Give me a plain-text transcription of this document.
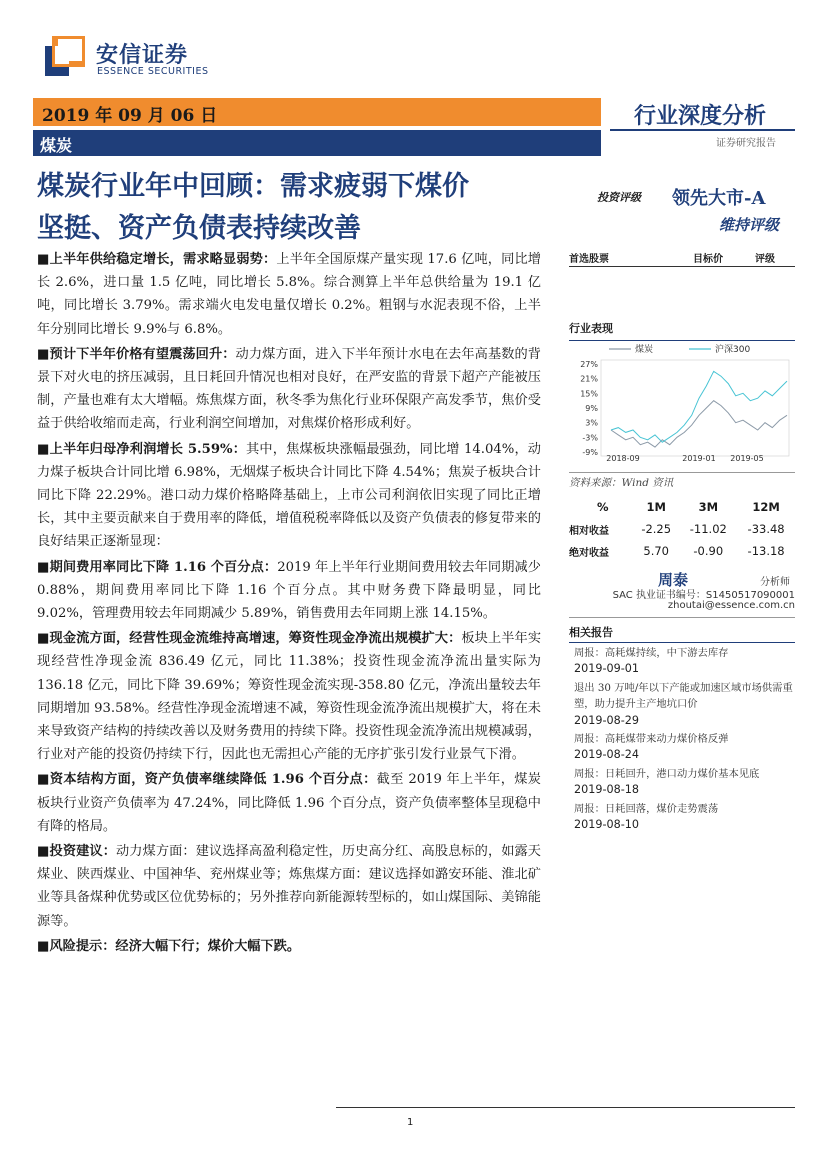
安信证券
ESSENCE SECURITIES
2019 年 09 月 06 日
煤炭
行业深度分析
证券研究报告
煤炭行业年中回顾：需求疲弱下煤价
坚挺、资产负债表持续改善

■上半年供给稳定增长，需求略显弱势：上半年全国原煤产量实现 17.6 亿吨，同比增长 2.6%，进口量 1.5 亿吨，同比增长 5.8%。综合测算上半年总供给量为 19.1 亿吨，同比增长 3.79%。需求端火电发电量仅增长 0.2%。粗钢与水泥表现不俗，上半年分别同比增长 9.9%与 6.8%。

■预计下半年价格有望震荡回升：动力煤方面，进入下半年预计水电在去年高基数的背景下对火电的挤压减弱，且日耗回升情况也相对良好，在严安监的背景下超产产能被压制，产量也难有太大增幅。炼焦煤方面，秋冬季为焦化行业环保限产高发季节，焦价受益于供给收缩而走高，行业利润空间增加，对焦煤价格形成利好。

■上半年归母净利润增长 5.59%：其中，焦煤板块涨幅最强劲，同比增 14.04%，动力煤子板块合计同比增 6.98%，无烟煤子板块合计同比下降 4.54%；焦炭子板块合计同比下降 22.29%。港口动力煤价格略降基础上，上市公司利润依旧实现了同比正增长，其中主要贡献来自于费用率的降低，增值税税率降低以及资产负债表的修复带来的良好结果正逐渐显现：

■期间费用率同比下降 1.16 个百分点：2019 年上半年行业期间费用较去年同期减少 0.88%，期间费用率同比下降 1.16 个百分点。其中财务费下降最明显，同比 9.02%，管理费用较去年同期减少 5.89%，销售费用去年同期上涨 14.15%。

■现金流方面，经营性现金流维持高增速，筹资性现金净流出规模扩大：板块上半年实现经营性净现金流 836.49 亿元，同比 11.38%；投资性现金流净流出量实际为 136.18 亿元，同比下降 39.69%；筹资性现金流实现-358.80 亿元，净流出量较去年同期增加 93.58%。经营性净现金流增速不减，筹资性现金流净流出规模扩大，将在未来导致资产结构的持续改善以及财务费用的持续下降。投资性现金流净流出规模减弱，行业对产能的投资仍持续下行，因此也无需担心产能的无序扩张引发行业景气下滑。

■资本结构方面，资产负债率继续降低 1.96 个百分点：截至 2019 年上半年，煤炭板块行业资产负债率为 47.24%，同比降低 1.96 个百分点，资产负债率整体呈现稳中有降的格局。

■投资建议：动力煤方面：建议选择高盈利稳定性，历史高分红、高股息标的，如露天煤业、陕西煤业、中国神华、兖州煤业等；炼焦煤方面：建议选择如潞安环能、淮北矿业等具备煤种优势或区位优势标的；另外推荐向新能源转型标的，如山煤国际、美锦能源等。

■风险提示：经济大幅下行；煤价大幅下跌。

投资评级 领先大市-A
维持评级
首选股票	目标价	评级
行业表现
27%
21%
15%
9%
3%
-3%
-9%
煤炭	沪深300
2018-09	2019-01 2019-05
资料来源：Wind 资讯
%	1M	3M	12M
相对收益	-2.25	-11.02	-33.48
绝对收益	5.70	-0.90	-13.18
周泰	分析师
SAC 执业证书编号：S1450517090001
zhoutai@essence.com.cn
相关报告
周报：高耗煤持续，中下游去库存
2019-09-01
退出 30 万吨/年以下产能或加速区域市场供需重塑，助力提升主产地坑口价
2019-08-29
周报：高耗煤带来动力煤价格反弹
2019-08-24
周报：日耗回升，港口动力煤价基本见底
2019-08-18
周报：日耗回落，煤价走势震荡
2019-08-10
1
